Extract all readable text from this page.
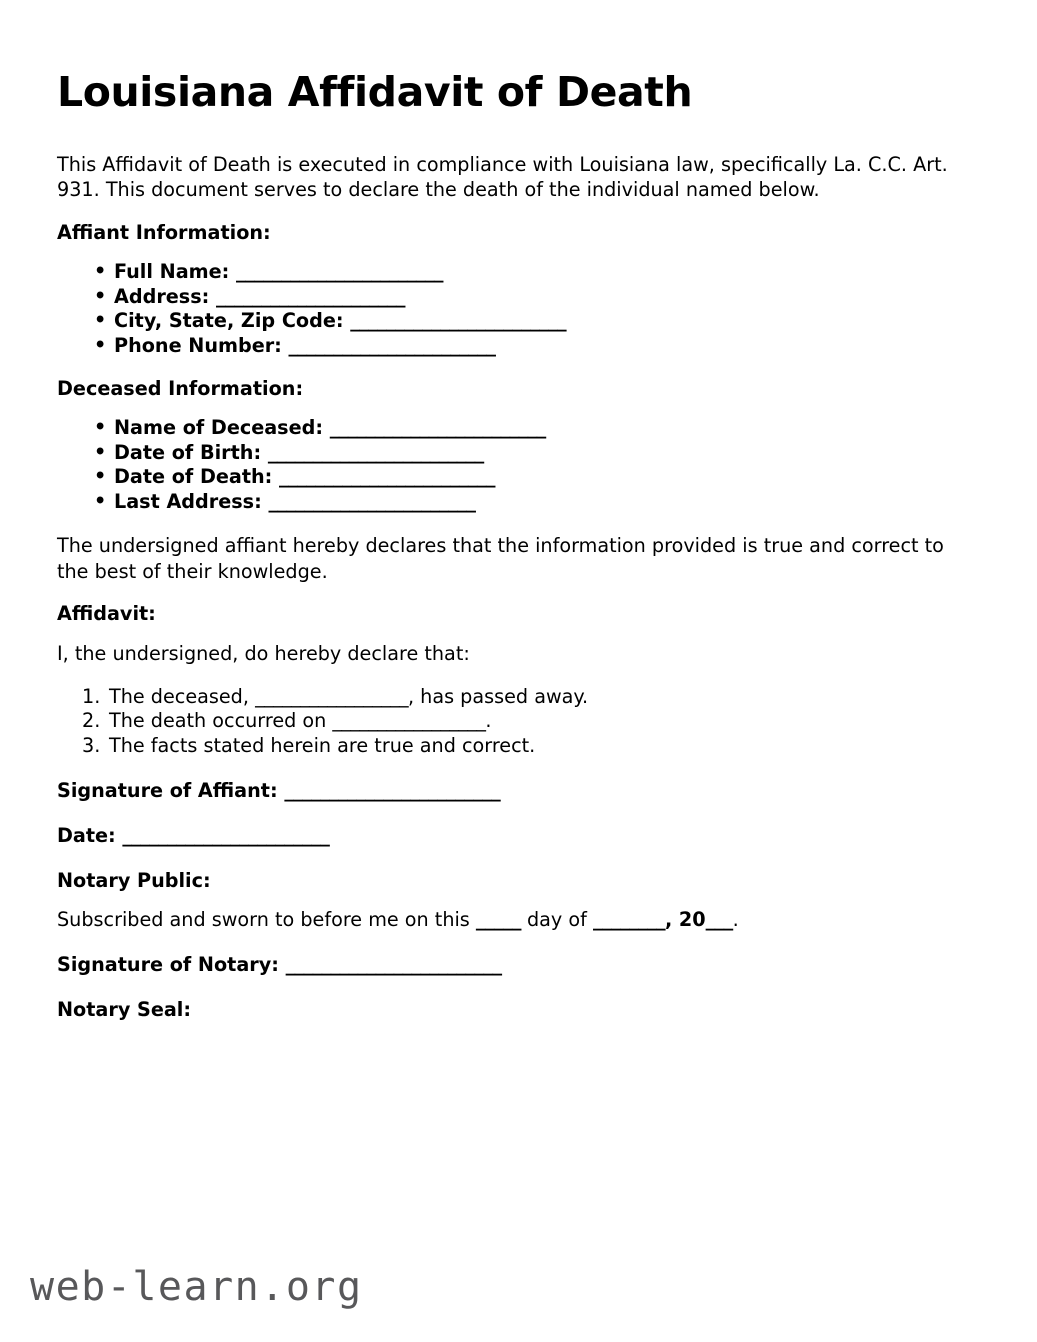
Louisiana Affidavit of Death

This Affidavit of Death is executed in compliance with Louisiana law, specifically La. C.C. Art. 931. This document serves to declare the death of the individual named below.

Affiant Information:
• Full Name: _______________________
• Address: _____________________
• City, State, Zip Code: ________________________
• Phone Number: _______________________
Deceased Information:
• Name of Deceased: ________________________
• Date of Birth: ________________________
• Date of Death: ________________________
• Last Address: _______________________

The undersigned affiant hereby declares that the information provided is true and correct to the best of their knowledge.

Affidavit:

I, the undersigned, do hereby declare that:

The deceased, _________________, has passed away.
The death occurred on _________________.
The facts stated herein are true and correct.
Signature of Affiant: ________________________
Date: _______________________
Notary Public:
Subscribed and sworn to before me on this _____ day of ________, 20___.
Signature of Notary: ________________________
Notary Seal:
web-learn.org
